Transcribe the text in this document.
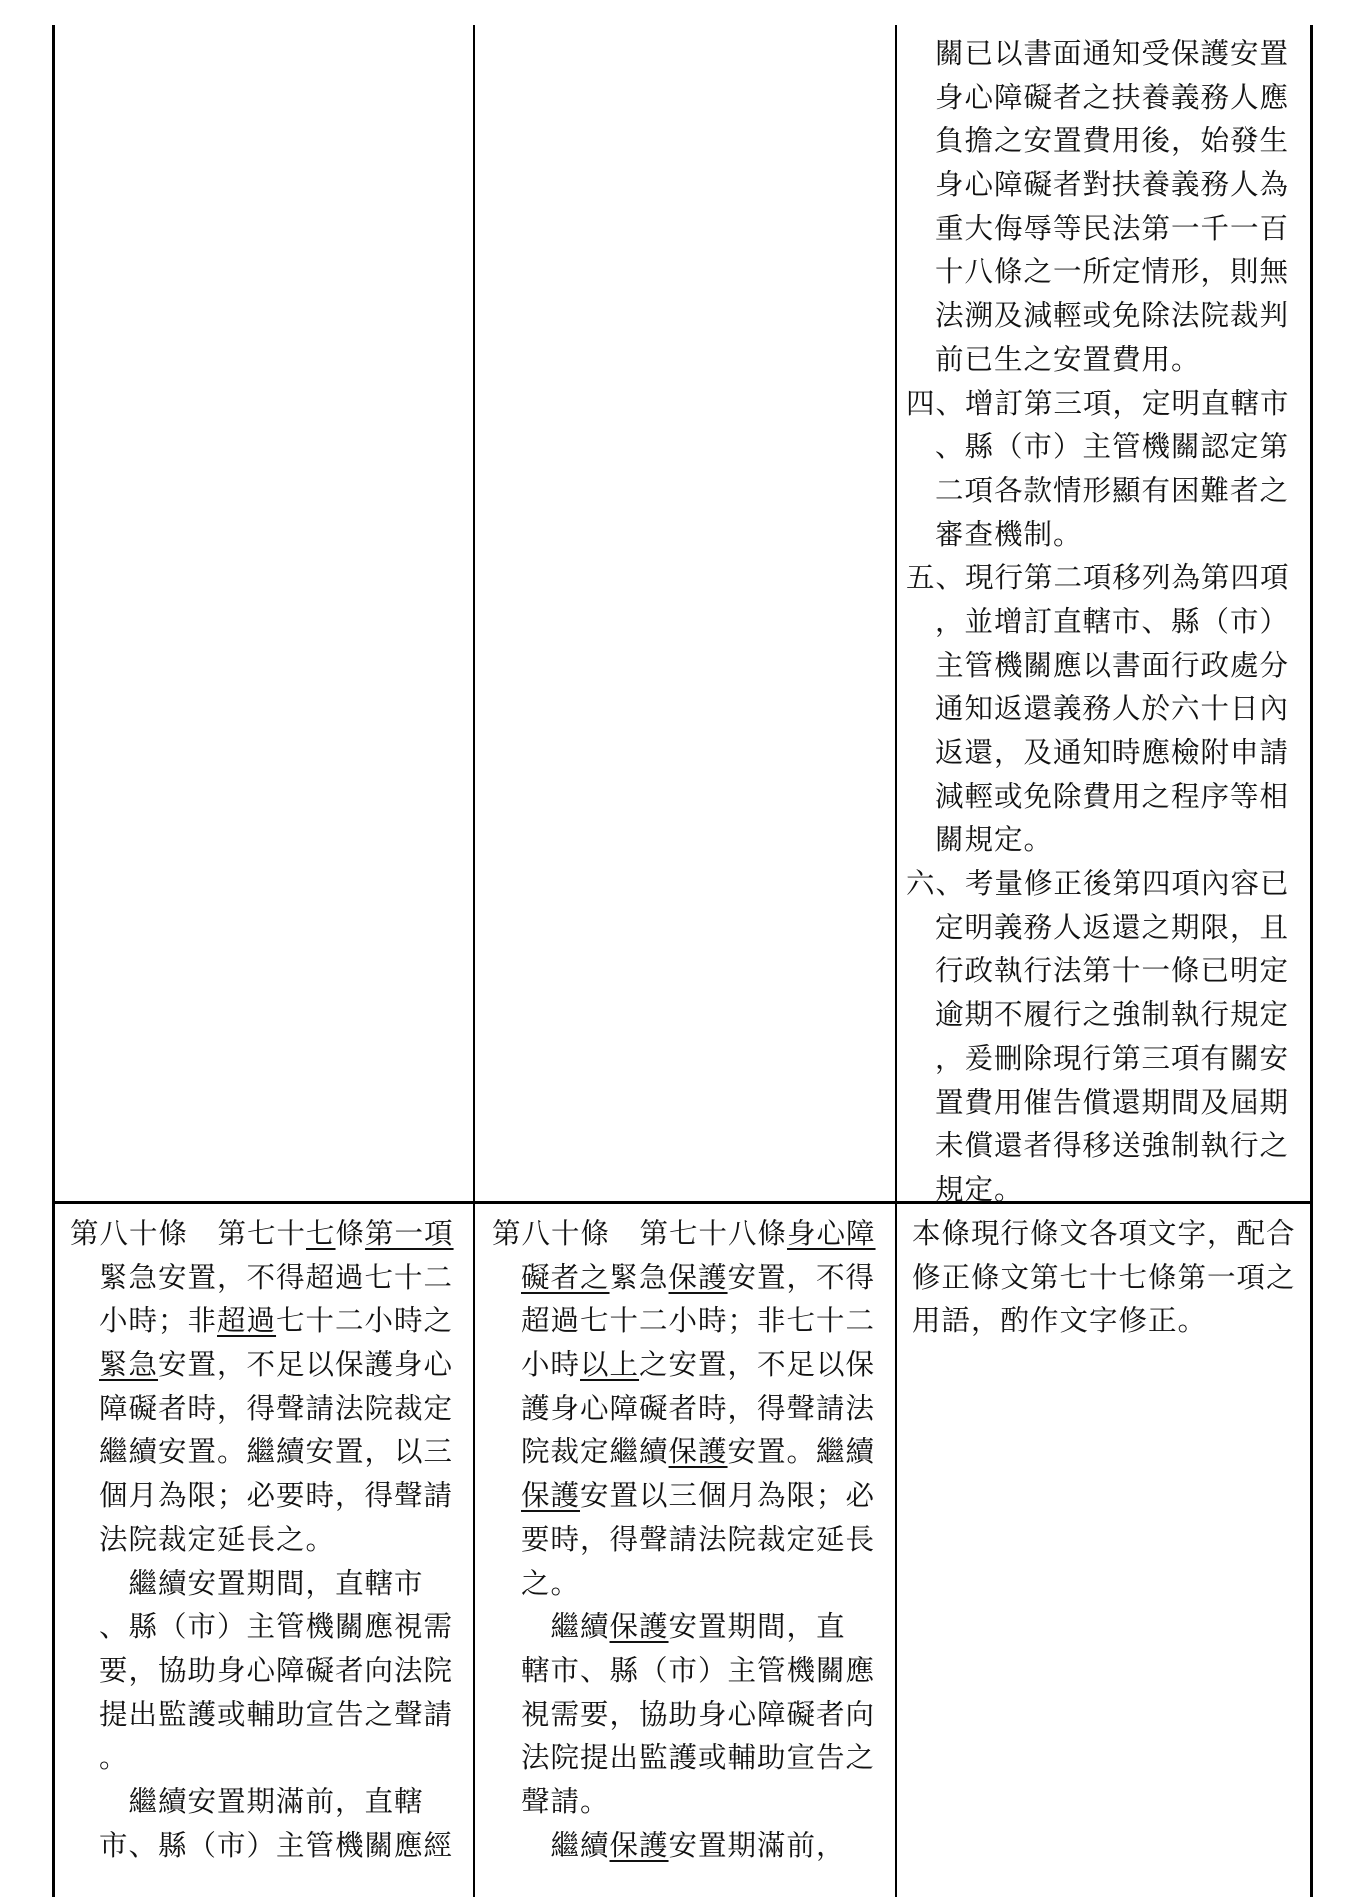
關已以書面通知受保護安置
身心障礙者之扶養義務人應
負擔之安置費用後，始發生
身心障礙者對扶養義務人為
重大侮辱等民法第一千一百
十八條之一所定情形，則無
法溯及減輕或免除法院裁判
前已生之安置費用。
四、增訂第三項，定明直轄市
、縣（市）主管機關認定第
二項各款情形顯有困難者之
審查機制。
五、現行第二項移列為第四項
，並增訂直轄市、縣（市）
主管機關應以書面行政處分
通知返還義務人於六十日內
返還，及通知時應檢附申請
減輕或免除費用之程序等相
關規定。
六、考量修正後第四項內容已
定明義務人返還之期限，且
行政執行法第十一條已明定
逾期不履行之強制執行規定
，爰刪除現行第三項有關安
置費用催告償還期間及屆期
未償還者得移送強制執行之
規定。
第八十條　第七十七條第一項
緊急安置，不得超過七十二
小時；非超過七十二小時之
緊急安置，不足以保護身心
障礙者時，得聲請法院裁定
繼續安置。繼續安置，以三
個月為限；必要時，得聲請
法院裁定延長之。
　繼續安置期間，直轄市
、縣（市）主管機關應視需
要，協助身心障礙者向法院
提出監護或輔助宣告之聲請
。
　繼續安置期滿前，直轄
市、縣（市）主管機關應經
第八十條　第七十八條身心障
礙者之緊急保護安置，不得
超過七十二小時；非七十二
小時以上之安置，不足以保
護身心障礙者時，得聲請法
院裁定繼續保護安置。繼續
保護安置以三個月為限；必
要時，得聲請法院裁定延長
之。
　繼續保護安置期間，直
轄市、縣（市）主管機關應
視需要，協助身心障礙者向
法院提出監護或輔助宣告之
聲請。
　繼續保護安置期滿前，
本條現行條文各項文字，配合
修正條文第七十七條第一項之
用語，酌作文字修正。
